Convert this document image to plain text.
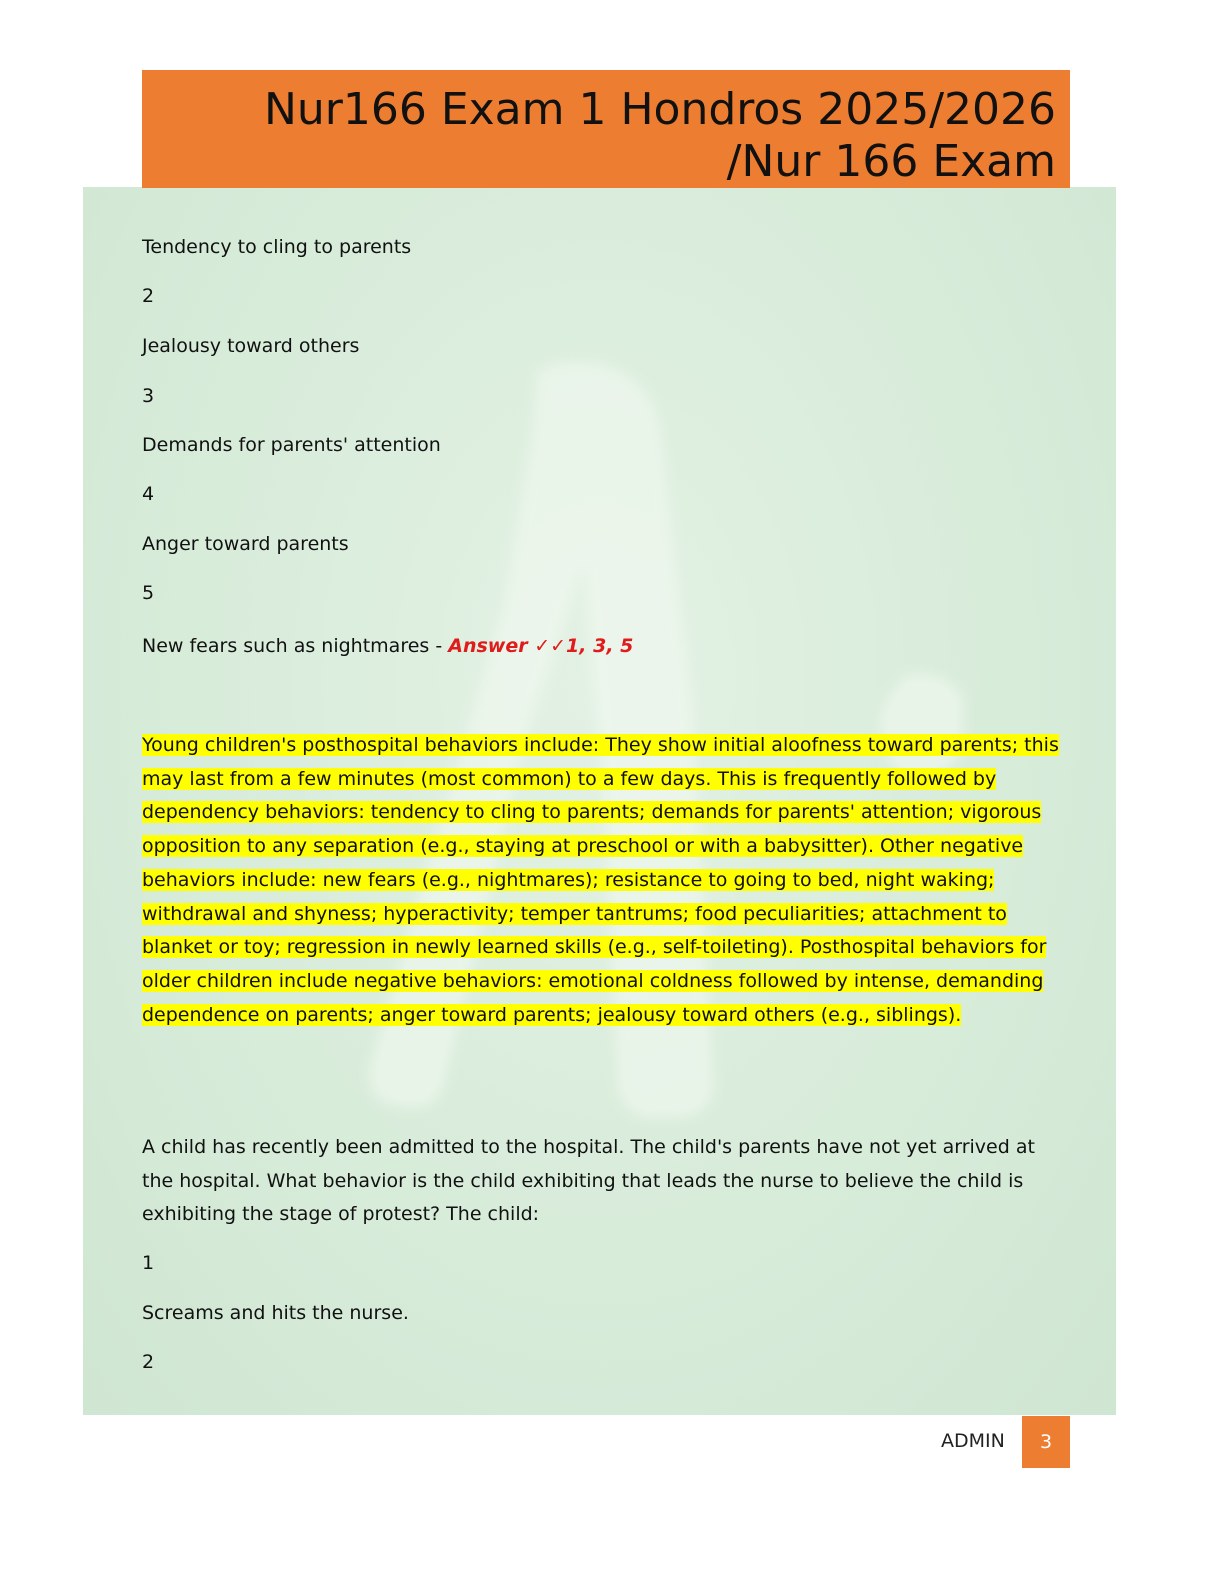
Nur166 Exam 1 Hondros 2025/2026
/Nur 166 Exam

Tendency to cling to parents

2

Jealousy toward others

3

Demands for parents' attention

4

Anger toward parents

5

New fears such as nightmares - Answer ✓✓1, 3, 5

Young children's posthospital behaviors include: They show initial aloofness toward parents; this may last from a few minutes (most common) to a few days. This is frequently followed by dependency behaviors: tendency to cling to parents; demands for parents' attention; vigorous opposition to any separation (e.g., staying at preschool or with a babysitter). Other negative behaviors include: new fears (e.g., nightmares); resistance to going to bed, night waking; withdrawal and shyness; hyperactivity; temper tantrums; food peculiarities; attachment to blanket or toy; regression in newly learned skills (e.g., self-toileting). Posthospital behaviors for older children include negative behaviors: emotional coldness followed by intense, demanding dependence on parents; anger toward parents; jealousy toward others (e.g., siblings).

A child has recently been admitted to the hospital. The child's parents have not yet arrived at the hospital. What behavior is the child exhibiting that leads the nurse to believe the child is exhibiting the stage of protest? The child:

1

Screams and hits the nurse.

2

ADMIN	3
